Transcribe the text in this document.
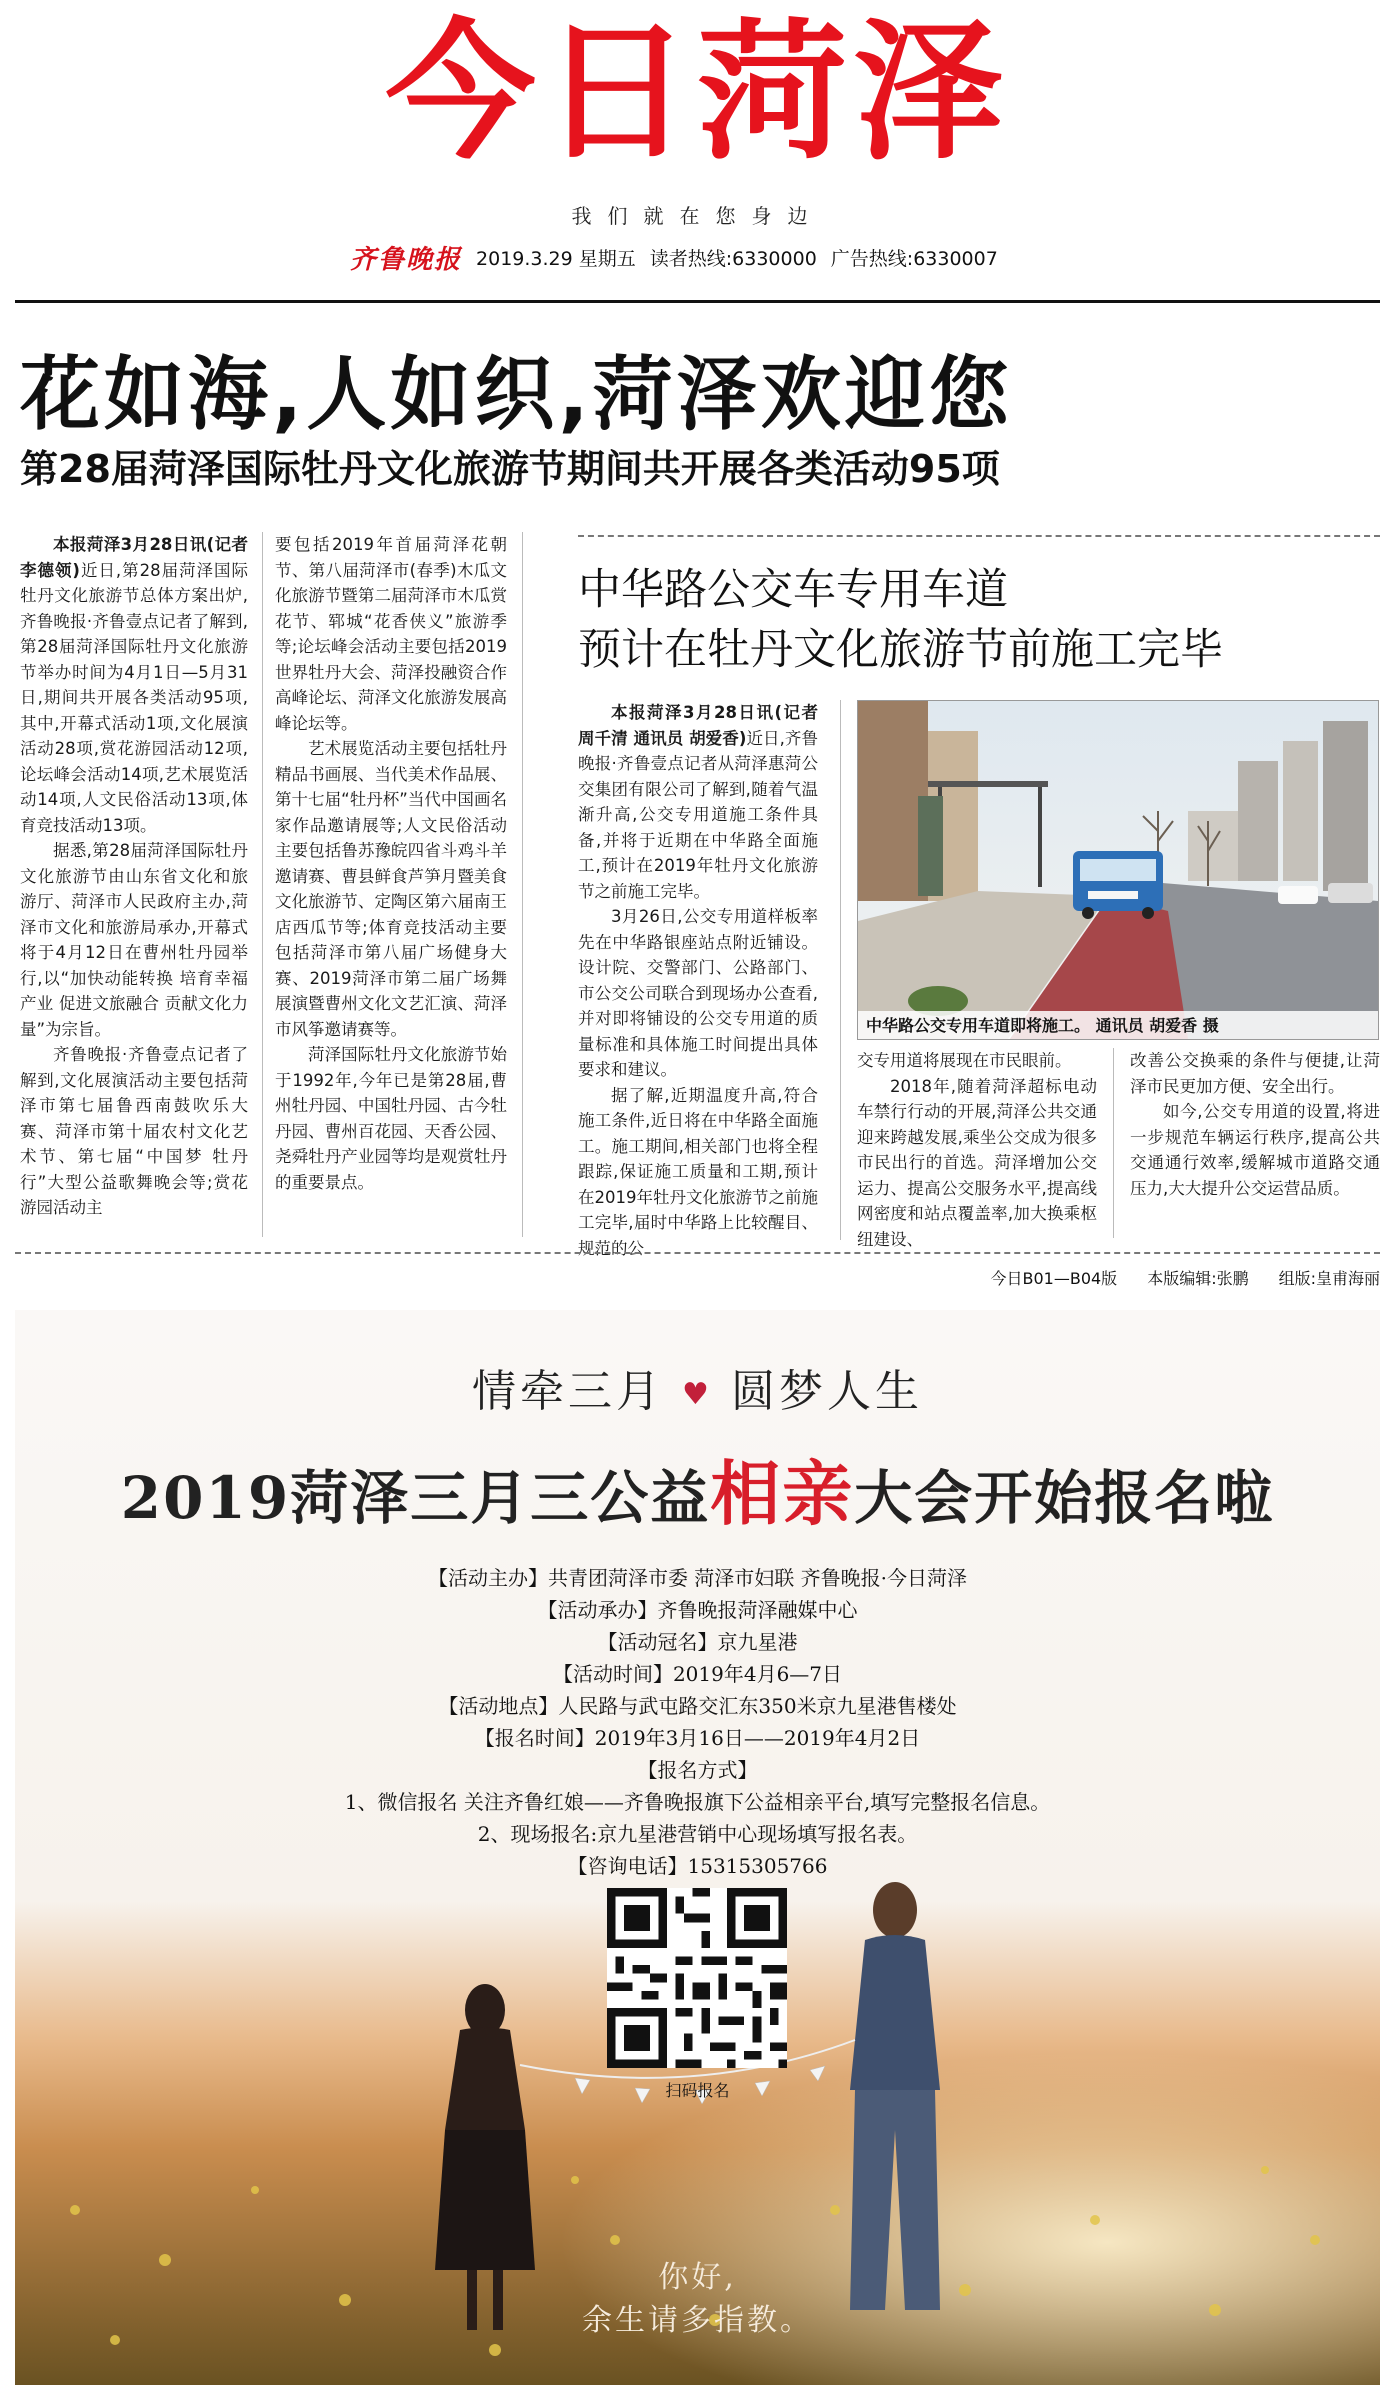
今日菏泽
我们就在您身边
齐鲁晚报 2019.3.29 星期五 读者热线:6330000 广告热线:6330007
花如海,人如织,菏泽欢迎您
第28届菏泽国际牡丹文化旅游节期间共开展各类活动95项

本报菏泽3月28日讯(记者 李德领)近日,第28届菏泽国际牡丹文化旅游节总体方案出炉,齐鲁晚报·齐鲁壹点记者了解到,第28届菏泽国际牡丹文化旅游节举办时间为4月1日—5月31日,期间共开展各类活动95项,其中,开幕式活动1项,文化展演活动28项,赏花游园活动12项,论坛峰会活动14项,艺术展览活动14项,人文民俗活动13项,体育竞技活动13项。

据悉,第28届菏泽国际牡丹文化旅游节由山东省文化和旅游厅、菏泽市人民政府主办,菏泽市文化和旅游局承办,开幕式将于4月12日在曹州牡丹园举行,以“加快动能转换 培育幸福产业 促进文旅融合 贡献文化力量”为宗旨。

齐鲁晚报·齐鲁壹点记者了解到,文化展演活动主要包括菏泽市第七届鲁西南鼓吹乐大赛、菏泽市第十届农村文化艺术节、第七届“中国梦 牡丹行”大型公益歌舞晚会等;赏花游园活动主

要包括2019年首届菏泽花朝节、第八届菏泽市(春季)木瓜文化旅游节暨第二届菏泽市木瓜赏花节、郓城“花香侠义”旅游季等;论坛峰会活动主要包括2019世界牡丹大会、菏泽投融资合作高峰论坛、菏泽文化旅游发展高峰论坛等。

艺术展览活动主要包括牡丹精品书画展、当代美术作品展、第十七届“牡丹杯”当代中国画名家作品邀请展等;人文民俗活动主要包括鲁苏豫皖四省斗鸡斗羊邀请赛、曹县鲜食芦笋月暨美食文化旅游节、定陶区第六届南王店西瓜节等;体育竞技活动主要包括菏泽市第八届广场健身大赛、2019菏泽市第二届广场舞展演暨曹州文化文艺汇演、菏泽市风筝邀请赛等。

菏泽国际牡丹文化旅游节始于1992年,今年已是第28届,曹州牡丹园、中国牡丹园、古今牡丹园、曹州百花园、天香公园、尧舜牡丹产业园等均是观赏牡丹的重要景点。

中华路公交车专用车道
预计在牡丹文化旅游节前施工完毕

本报菏泽3月28日讯(记者 周千清 通讯员 胡爱香)近日,齐鲁晚报·齐鲁壹点记者从菏泽惠菏公交集团有限公司了解到,随着气温渐升高,公交专用道施工条件具备,并将于近期在中华路全面施工,预计在2019年牡丹文化旅游节之前施工完毕。

3月26日,公交专用道样板率先在中华路银座站点附近铺设。设计院、交警部门、公路部门、市公交公司联合到现场办公查看,并对即将铺设的公交专用道的质量标准和具体施工时间提出具体要求和建议。

据了解,近期温度升高,符合施工条件,近日将在中华路全面施工。施工期间,相关部门也将全程跟踪,保证施工质量和工期,预计在2019年牡丹文化旅游节之前施工完毕,届时中华路上比较醒目、规范的公

中华路公交专用车道即将施工。 通讯员 胡爱香 摄

交专用道将展现在市民眼前。

2018年,随着菏泽超标电动车禁行行动的开展,菏泽公共交通迎来跨越发展,乘坐公交成为很多市民出行的首选。菏泽增加公交运力、提高公交服务水平,提高线网密度和站点覆盖率,加大换乘枢纽建设、

改善公交换乘的条件与便捷,让菏泽市民更加方便、安全出行。

如今,公交专用道的设置,将进一步规范车辆运行秩序,提高公共交通通行效率,缓解城市道路交通压力,大大提升公交运营品质。

今日B01—B04版 本版编辑:张鹏 组版:皇甫海丽
情牵三月 ♥ 圆梦人生
2019菏泽三月三公益相亲大会开始报名啦
【活动主办】共青团菏泽市委 菏泽市妇联 齐鲁晚报·今日菏泽
【活动承办】齐鲁晚报菏泽融媒中心
【活动冠名】京九星港
【活动时间】2019年4月6—7日
【活动地点】人民路与武屯路交汇东350米京九星港售楼处
【报名时间】2019年3月16日——2019年4月2日
【报名方式】
1、微信报名 关注齐鲁红娘——齐鲁晚报旗下公益相亲平台,填写完整报名信息。
2、现场报名:京九星港营销中心现场填写报名表。
【咨询电话】15315305766
扫码报名
你好,
余生请多指教。
